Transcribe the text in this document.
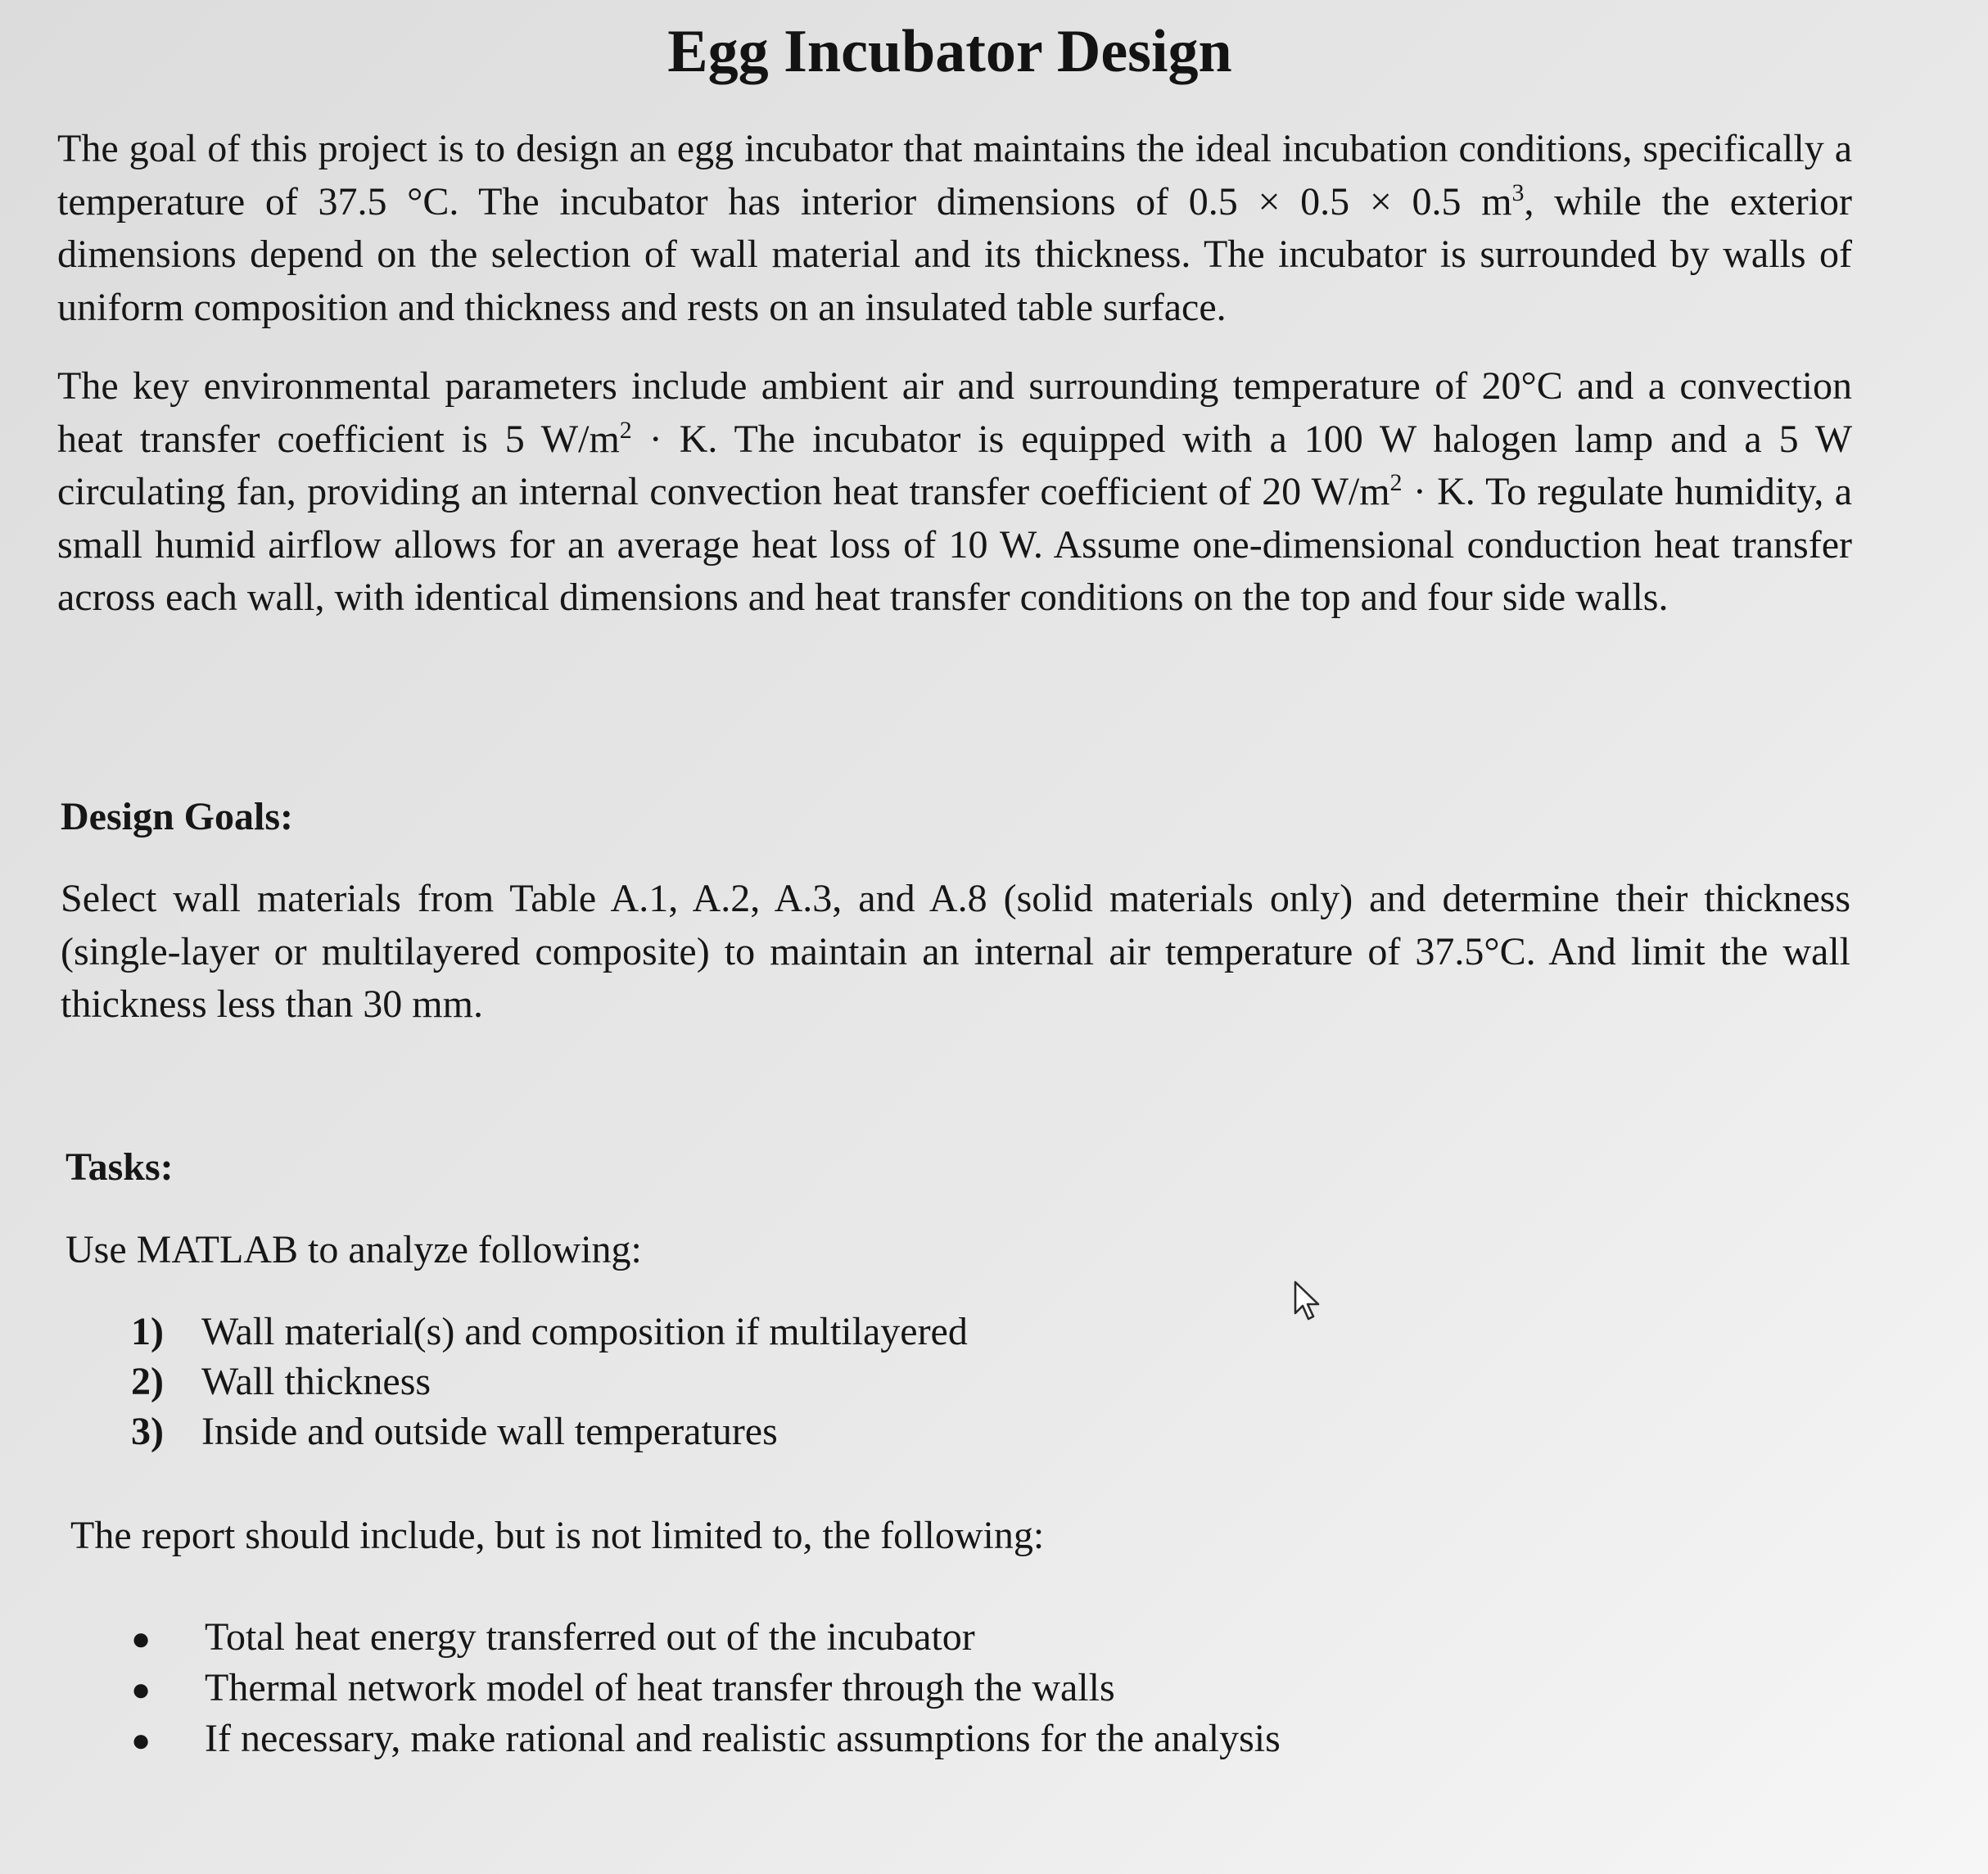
Egg Incubator Design

The goal of this project is to design an egg incubator that maintains the ideal incubation conditions, specifically a temperature of 37.5 °C. The incubator has interior dimensions of 0.5 × 0.5 × 0.5 $m^3$, while the exterior dimensions depend on the selection of wall material and its thickness. The incubator is surrounded by walls of uniform composition and thickness and rests on an insulated table surface.

The key environmental parameters include ambient air and surrounding temperature of 20°C and a convection heat transfer coefficient is 5 $W/m^2 \cdot K$. The incubator is equipped with a 100 W halogen lamp and a 5 W circulating fan, providing an internal convection heat transfer coefficient of 20 $W/m^2 \cdot K$. To regulate humidity, a small humid airflow allows for an average heat loss of 10 W. Assume one-dimensional conduction heat transfer across each wall, with identical dimensions and heat transfer conditions on the top and four side walls.

Design Goals:

Select wall materials from Table A.1, A.2, A.3, and A.8 (solid materials only) and determine their thickness (single-layer or multilayered composite) to maintain an internal air temperature of 37.5°C. And limit the wall thickness less than 30 mm.

Tasks:
Use MATLAB to analyze following:
1) Wall material(s) and composition if multilayered
2) Wall thickness
3) Inside and outside wall temperatures
The report should include, but is not limited to, the following:
●	Total heat energy transferred out of the incubator
●	Thermal network model of heat transfer through the walls
●	If necessary, make rational and realistic assumptions for the analysis
